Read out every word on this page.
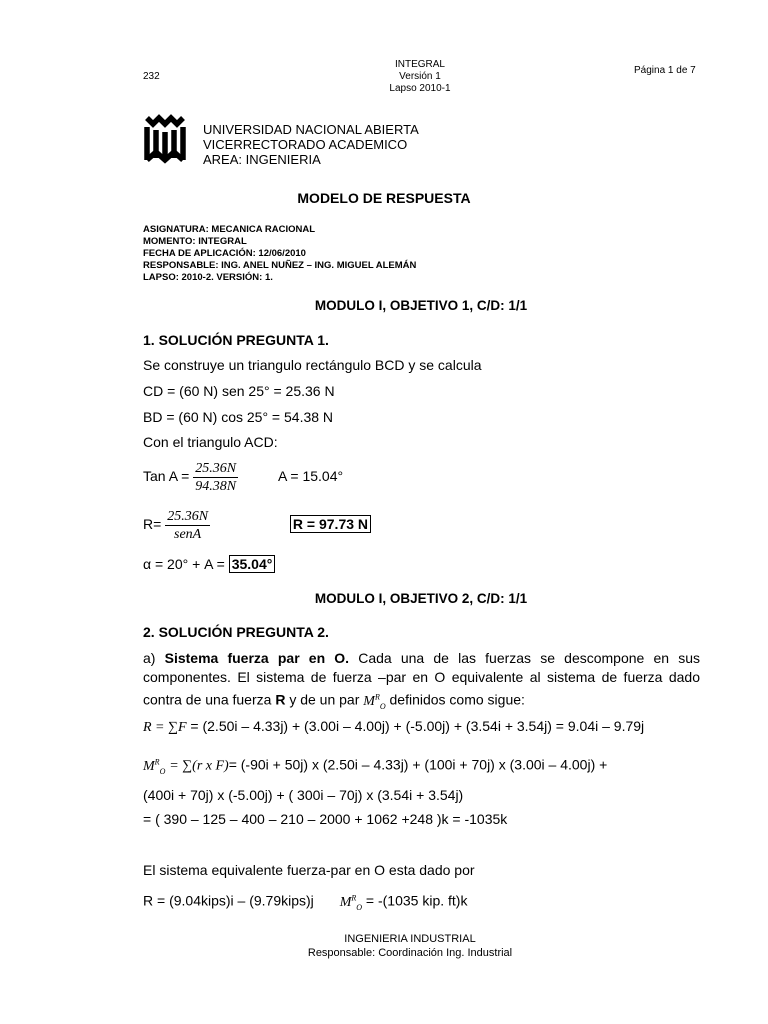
232
INTEGRAL
Versión 1
Lapso 2010-1
Página 1 de 7
UNIVERSIDAD NACIONAL ABIERTA
VICERRECTORADO ACADEMICO
AREA: INGENIERIA
MODELO DE RESPUESTA
ASIGNATURA: MECANICA RACIONAL
MOMENTO: INTEGRAL
FECHA DE APLICACIÓN: 12/06/2010
RESPONSABLE: ING. ANEL NUÑEZ – ING. MIGUEL ALEMÁN
LAPSO: 2010-2. VERSIÓN: 1.
MODULO I, OBJETIVO 1, C/D: 1/1
1. SOLUCIÓN PREGUNTA 1.
Se construye un triangulo rectángulo BCD y se calcula
CD = (60 N) sen 25° = 25.36 N
BD = (60 N) cos 25° = 54.38 N
Con el triangulo ACD:
Tan $A = \frac{25.36N}{94.38N}$	A = 15.04°
$R= \frac{25.36N}{\text{senA}}$	R = 97.73 N
α = 20° + A = 35.04°
MODULO I, OBJETIVO 2, C/D: 1/1
2. SOLUCIÓN PREGUNTA 2.
a) Sistema fuerza par en O. Cada una de las fuerzas se descompone en sus componentes. El sistema de fuerza –par en O equivalente al sistema de fuerza dado contra de una fuerza R y de un par $M^R_O$ definidos como sigue:
R = ∑F = (2.50i – 4.33j) + (3.00i – 4.00j) + (-5.00j) + (3.54i + 3.54j) = 9.04i – 9.79j
$M^R_O = \sum(r$ x F)= (-90i + 50j) x (2.50i – 4.33j) + (100i + 70j) x (3.00i – 4.00j) +
(400i + 70j) x (-5.00j) + ( 300i – 70j) x (3.54i + 3.54j)
= ( 390 – 125 – 400 – 210 – 2000 + 1062 +248 )k = -1035k
El sistema equivalente fuerza-par en O esta dado por
R = (9.04kips)i – (9.79kips)j $M^R_O = -(1035$ kip. ft)k
INGENIERIA INDUSTRIAL
Responsable: Coordinación Ing. Industrial
